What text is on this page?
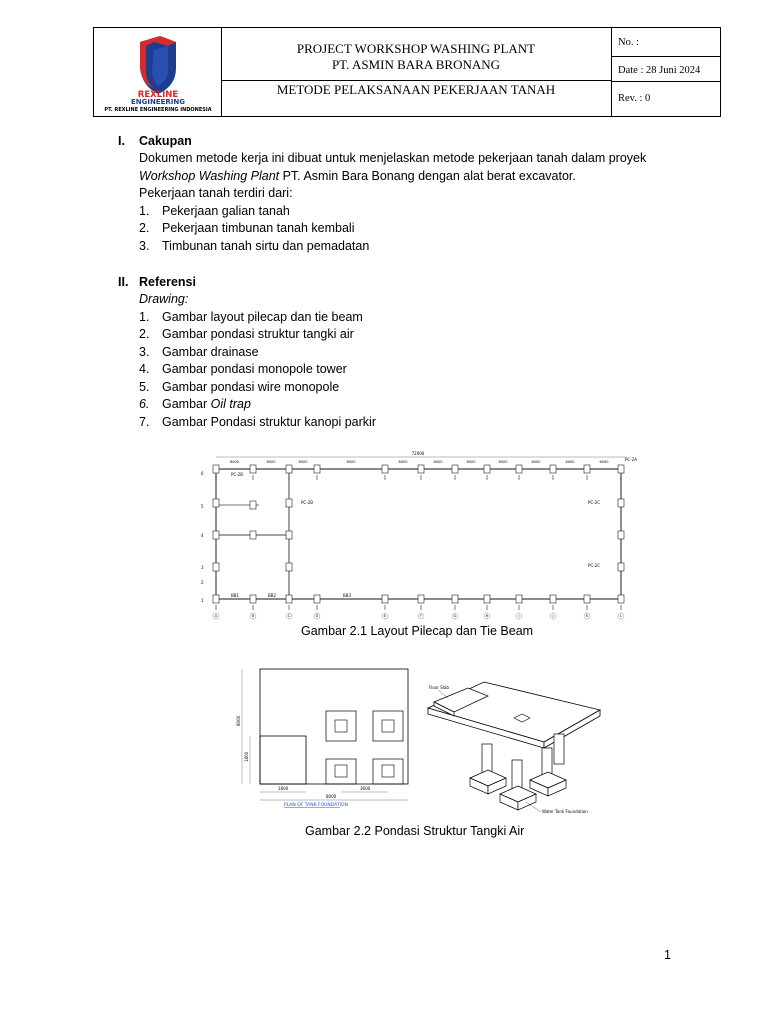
REXLINE
ENGINEERING
PT. REXLINE ENGINEERING INDONESIA
PROJECT WORKSHOP WASHING PLANT
PT. ASMIN BARA BRONANG
METODE PELAKSANAAN PEKERJAAN TANAH
No. :
Date : 28 Juni 2024
Rev. : 0
I. Cakupan
Dokumen metode kerja ini dibuat untuk menjelaskan metode pekerjaan tanah dalam proyek
Workshop Washing Plant PT. Asmin Bara Bonang dengan alat berat excavator.
Pekerjaan tanah terdiri dari:
1. Pekerjaan galian tanah
2. Pekerjaan timbunan tanah kembali
3. Timbunan tanah sirtu dan pemadatan
II. Referensi
Drawing:
1. Gambar layout pilecap dan tie beam
2. Gambar pondasi struktur tangki air
3. Gambar drainase
4. Gambar pondasi monopole tower
5. Gambar pondasi wire monopole
6. Gambar Oil trap
7. Gambar Pondasi struktur kanopi parkir
72000
6000	6000	6000	6000	6000	6000	6000	6000	6000	6000	6000
A	B	C	D	E	F	G	H	I	J	K	L
6
5
4
3
2
1
PC-2A
PC-2B
PC-2C
PC-2B
PC-2C
BB1	BB2	BB3
Gambar 2.1 Layout Pilecap dan Tie Beam
8000
1800
1800	3600
8000
PLAN OF TANK FOUNDATION
Floor Slab
Water Tank Foundation
Gambar 2.2 Pondasi Struktur Tangki Air
1
